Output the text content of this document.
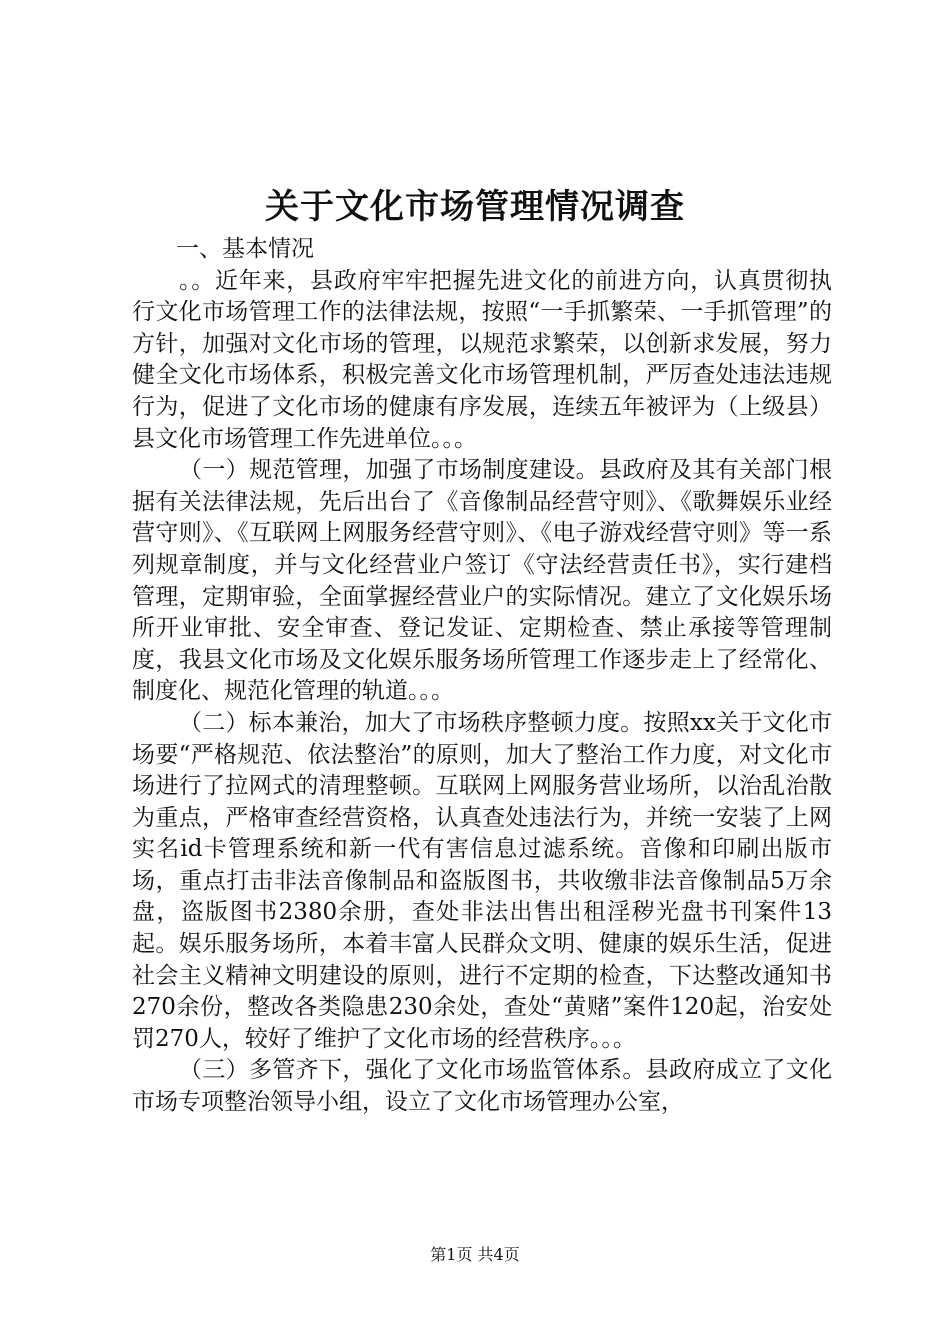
关于文化市场管理情况调查

一、基本情况

。。近年来，县政府牢牢把握先进文化的前进方向，认真贯彻执行文化市场管理工作的法律法规，按照“一手抓繁荣、一手抓管理”的方针，加强对文化市场的管理，以规范求繁荣，以创新求发展，努力健全文化市场体系，积极完善文化市场管理机制，严厉查处违法违规行为，促进了文化市场的健康有序发展，连续五年被评为（上级县）县文化市场管理工作先进单位。。。

（一）规范管理，加强了市场制度建设。县政府及其有关部门根据有关法律法规，先后出台了《音像制品经营守则》、《歌舞娱乐业经营守则》、《互联网上网服务经营守则》、《电子游戏经营守则》等一系列规章制度，并与文化经营业户签订《守法经营责任书》，实行建档管理，定期审验，全面掌握经营业户的实际情况。建立了文化娱乐场所开业审批、安全审查、登记发证、定期检查、禁止承接等管理制度，我县文化市场及文化娱乐服务场所管理工作逐步走上了经常化、制度化、规范化管理的轨道。。。

（二）标本兼治，加大了市场秩序整顿力度。按照xx关于文化市场要“严格规范、依法整治”的原则，加大了整治工作力度，对文化市场进行了拉网式的清理整顿。互联网上网服务营业场所，以治乱治散为重点，严格审查经营资格，认真查处违法行为，并统一安装了上网实名id卡管理系统和新一代有害信息过滤系统。音像和印刷出版市场，重点打击非法音像制品和盗版图书，共收缴非法音像制品5万余盘，盗版图书2380余册，查处非法出售出租淫秽光盘书刊案件13起。娱乐服务场所，本着丰富人民群众文明、健康的娱乐生活，促进社会主义精神文明建设的原则，进行不定期的检查，下达整改通知书270余份，整改各类隐患230余处，查处“黄赌”案件120起，治安处罚270人，较好了维护了文化市场的经营秩序。。。

（三）多管齐下，强化了文化市场监管体系。县政府成立了文化市场专项整治领导小组，设立了文化市场管理办公室，

第1页 共4页
